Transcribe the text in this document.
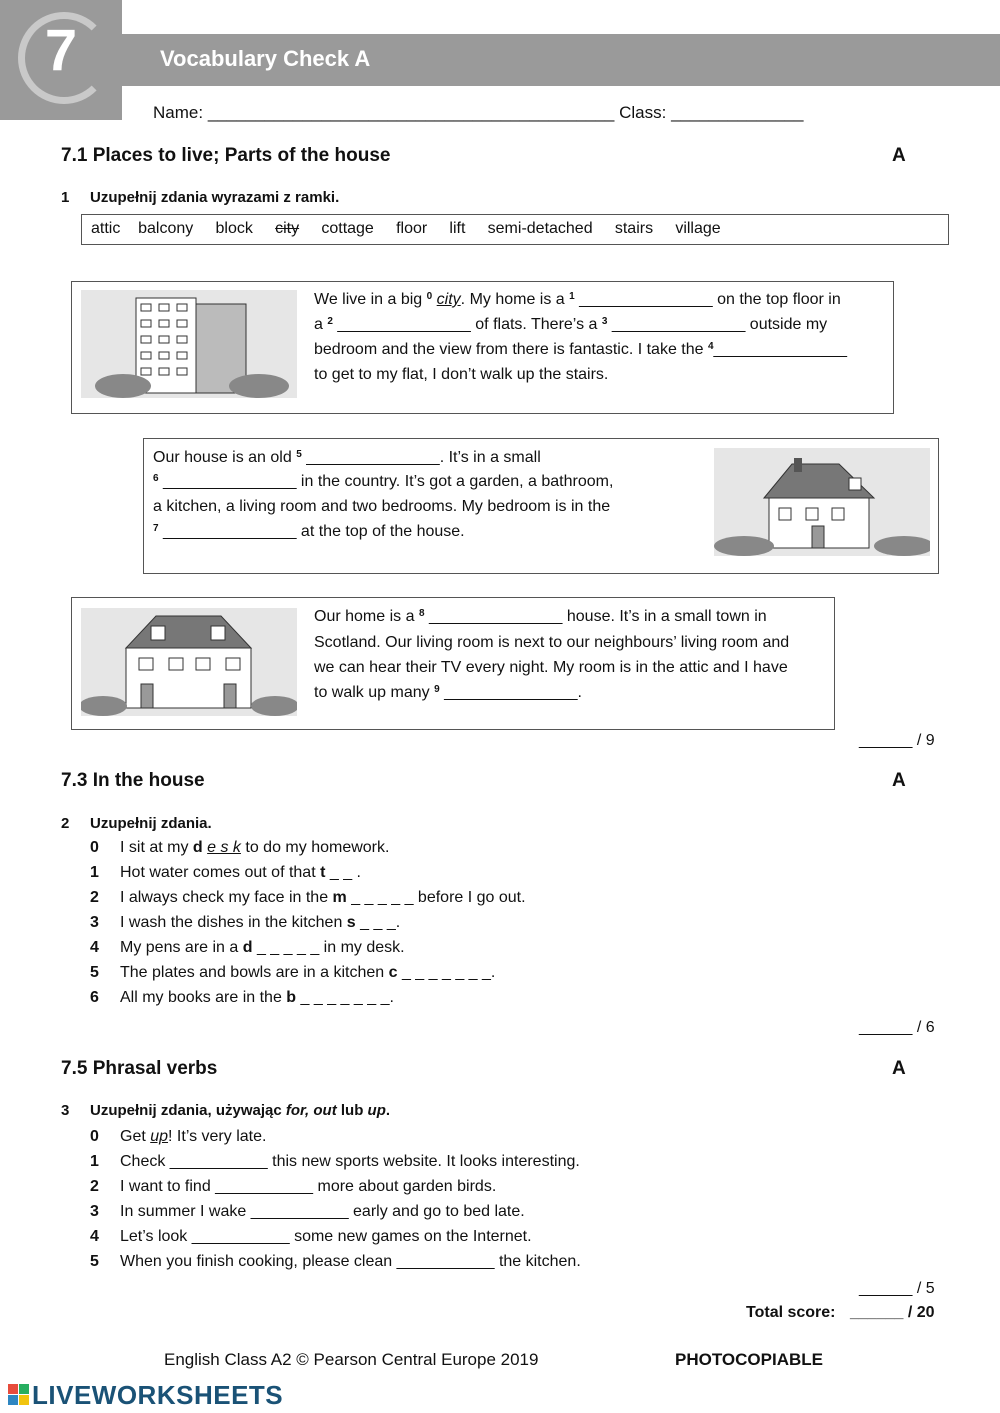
7	Vocabulary Check A
Name: ___________________________________________ Class: ______________
7.1 Places to live; Parts of the house	A
1 Uzupełnij zdania wyrazami z ramki.
attic balcony block city cottage floor lift semi-detached stairs village
We live in a big $^0$ city. My home is a $^1$ _______________ on the top floor in
a $^2$ _______________ of flats. There’s a $^3$ _______________ outside my
bedroom and the view from there is fantastic. I take the $^4$_______________
to get to my flat, I don’t walk up the stairs.
Our house is an old $^5$ _______________. It’s in a small
$^6$ _______________ in the country. It’s got a garden, a bathroom,
a kitchen, a living room and two bedrooms. My bedroom is in the
$^7$ _______________ at the top of the house.
Our home is a $^8$ _______________ house. It’s in a small town in
Scotland. Our living room is next to our neighbours’ living room and
we can hear their TV every night. My room is in the attic and I have
to walk up many $^9$ _______________.
______ / 9
7.3 In the house	A
2 Uzupełnij zdania.
0 I sit at my d e s k to do my homework.
1 Hot water comes out of that t _ _ .
2 I always check my face in the m _ _ _ _ _ before I go out.
3 I wash the dishes in the kitchen s _ _ _.
4 My pens are in a d _ _ _ _ _ in my desk.
5 The plates and bowls are in a kitchen c _ _ _ _ _ _ _.
6 All my books are in the b _ _ _ _ _ _ _.
______ / 6
7.5 Phrasal verbs	A
3 Uzupełnij zdania, używając for, out lub up.
0 Get up! It’s very late.
1 Check ___________ this new sports website. It looks interesting.
2 I want to find ___________ more about garden birds.
3 In summer I wake ___________ early and go to bed late.
4 Let’s look ___________ some new games on the Internet.
5 When you finish cooking, please clean ___________ the kitchen.
______ / 5
Total score: ______ / 20
English Class A2 © Pearson Central Europe 2019	PHOTOCOPIABLE
LIVEWORKSHEETS
